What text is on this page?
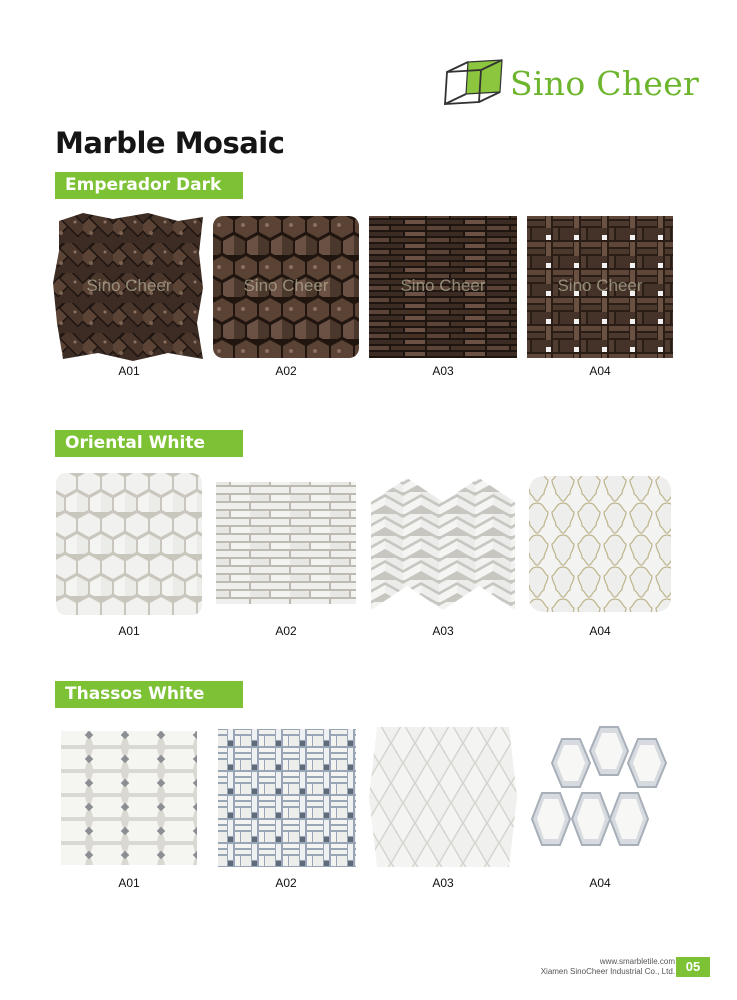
Sino Cheer
Marble Mosaic
Emperador Dark
Oriental White
Thassos White
Sino Cheer	Sino Cheer	Sino Cheer	Sino Cheer
A01	A02	A03	A04
A01	A02	A03	A04
A01	A02	A03	A04
www.smarbletile.com
Xiamen SinoCheer Industrial Co., Ltd. 05
